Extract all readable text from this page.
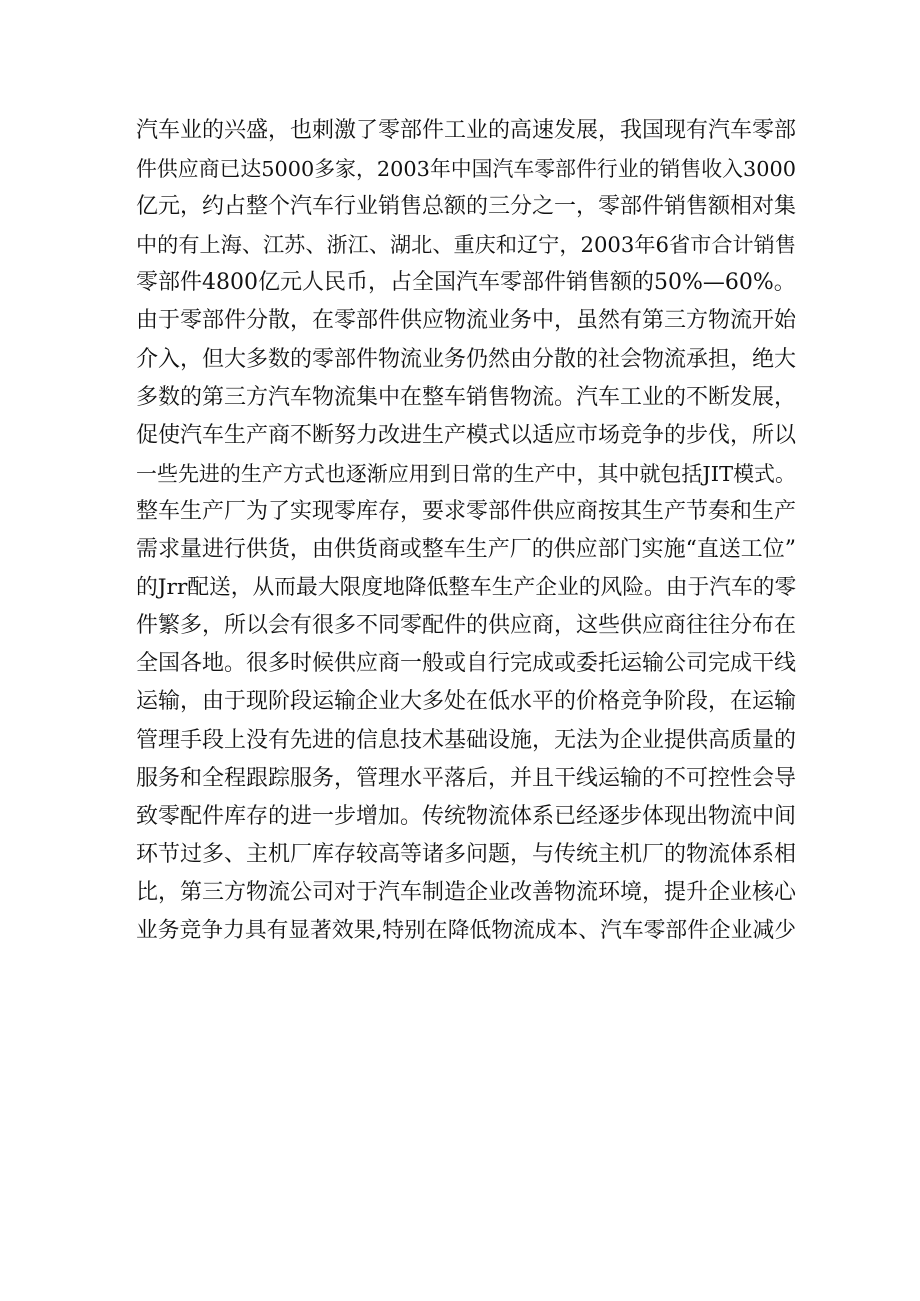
汽车业的兴盛，也刺激了零部件工业的高速发展，我国现有汽车零部
件供应商已达5000多家，2003年中国汽车零部件行业的销售收入3000
亿元，约占整个汽车行业销售总额的三分之一，零部件销售额相对集
中的有上海、江苏、浙江、湖北、重庆和辽宁，2003年6省市合计销售
零部件4800亿元人民币，占全国汽车零部件销售额的50%—60%。
由于零部件分散，在零部件供应物流业务中，虽然有第三方物流开始
介入，但大多数的零部件物流业务仍然由分散的社会物流承担，绝大
多数的第三方汽车物流集中在整车销售物流。汽车工业的不断发展，
促使汽车生产商不断努力改进生产模式以适应市场竞争的步伐，所以
一些先进的生产方式也逐渐应用到日常的生产中，其中就包括JIT模式。
整车生产厂为了实现零库存，要求零部件供应商按其生产节奏和生产
需求量进行供货，由供货商或整车生产厂的供应部门实施“直送工位”
的Jrr配送，从而最大限度地降低整车生产企业的风险。由于汽车的零
件繁多，所以会有很多不同零配件的供应商，这些供应商往往分布在
全国各地。很多时候供应商一般或自行完成或委托运输公司完成干线
运输，由于现阶段运输企业大多处在低水平的价格竞争阶段，在运输
管理手段上没有先进的信息技术基础设施，无法为企业提供高质量的
服务和全程跟踪服务，管理水平落后，并且干线运输的不可控性会导
致零配件库存的进一步增加。传统物流体系已经逐步体现出物流中间
环节过多、主机厂库存较高等诸多问题，与传统主机厂的物流体系相
比，第三方物流公司对于汽车制造企业改善物流环境，提升企业核心
业务竞争力具有显著效果,特别在降低物流成本、汽车零部件企业减少
